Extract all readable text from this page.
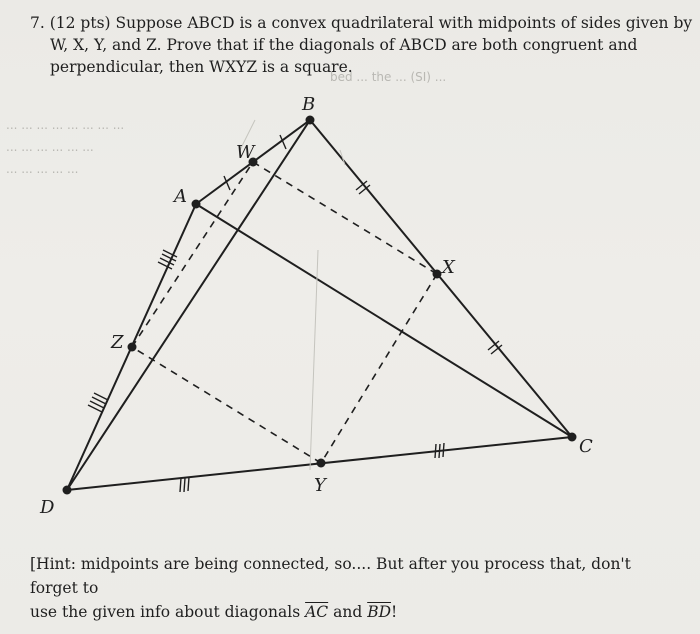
bed ... the ... (SI) ...
... ... ... ... ... ... ... ...
... ... ... ... ... ...
... ... ... ... ...
7. (12 pts) Suppose ABCD is a convex quadrilateral with midpoints of sides given by
W, X, Y, and Z. Prove that if the diagonals of ABCD are both congruent and
perpendicular, then WXYZ is a square.
A
B
C
D
W
X
Y
Z
[Hint: midpoints are being connected, so.... But after you process that, don't forget to
use the given info about diagonals $\overline{AC}$ and $\overline{BD}$!
